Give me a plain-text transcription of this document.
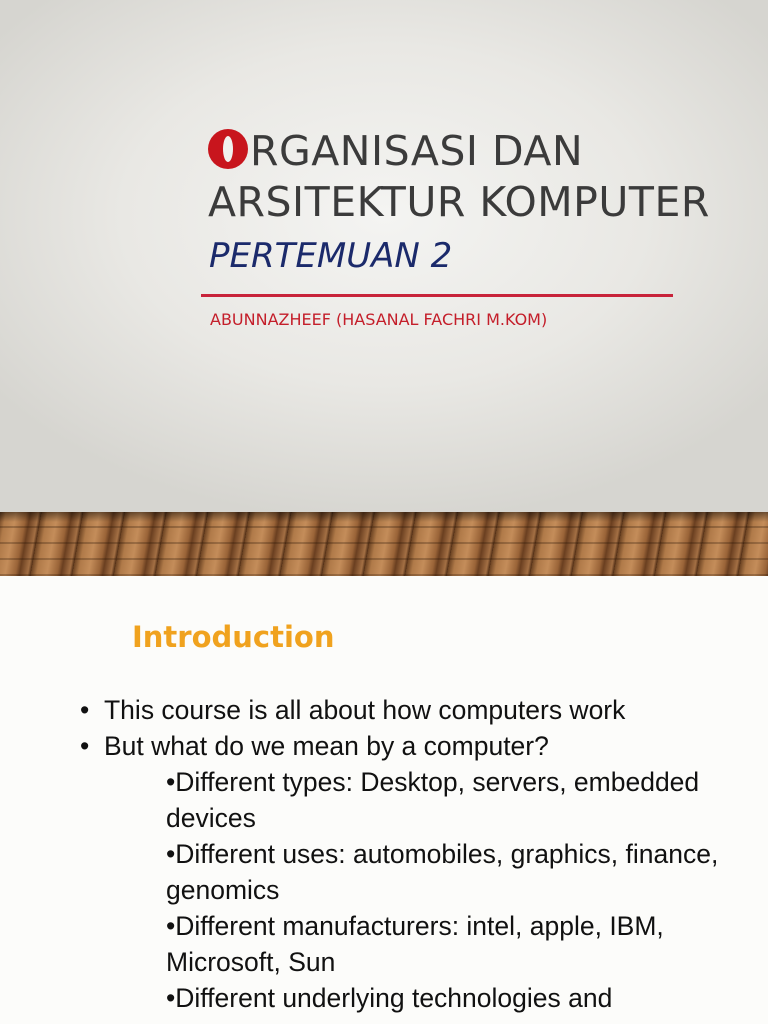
RGANISASI DAN
ARSITEKTUR KOMPUTER
PERTEMUAN 2
ABUNNAZHEEF (HASANAL FACHRI M.KOM)
Introduction
• This course is all about how computers work
• But what do we mean by a computer?
•Different types: Desktop, servers, embedded devices
•Different uses: automobiles, graphics, finance, genomics
•Different manufacturers: intel, apple, IBM, Microsoft, Sun
•Different underlying technologies and
